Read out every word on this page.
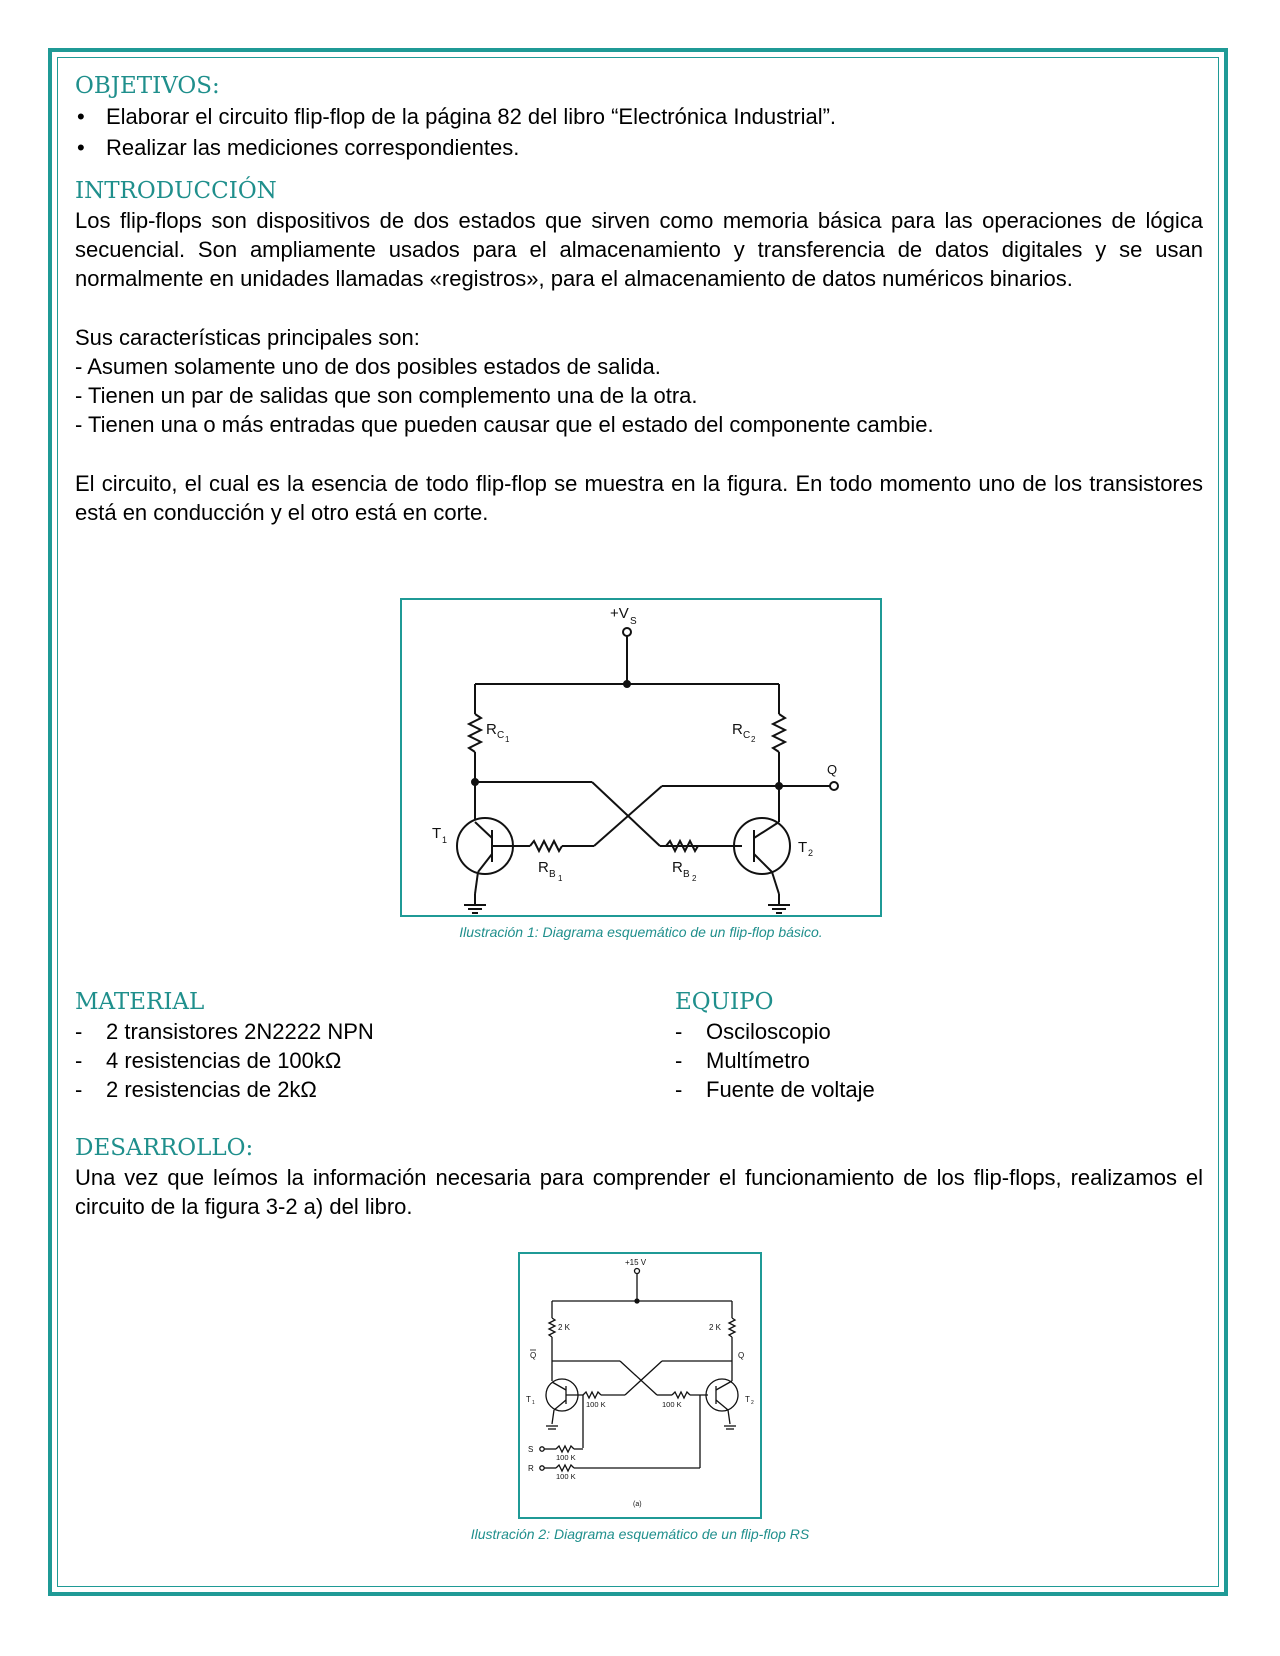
OBJETIVOS:
• Elaborar el circuito flip-flop de la página 82 del libro “Electrónica Industrial”.
• Realizar las mediciones correspondientes.
INTRODUCCIÓN

Los flip-flops son dispositivos de dos estados que sirven como memoria básica para las operaciones de lógica secuencial. Son ampliamente usados para el almacenamiento y transferencia de datos digitales y se usan normalmente en unidades llamadas «registros», para el almacenamiento de datos numéricos binarios.

Sus características principales son:

- Asumen solamente uno de dos posibles estados de salida.

- Tienen un par de salidas que son complemento una de la otra.

- Tienen una o más entradas que pueden causar que el estado del componente cambie.

El circuito, el cual es la esencia de todo flip-flop se muestra en la figura. En todo momento uno de los transistores está en conducción y el otro está en corte.

+V S
R C 1
R C 2
Q
T 1
R B 1
T 2
R B 2
Ilustración 1: Diagrama esquemático de un flip-flop básico.
MATERIAL
- 2 transistores 2N2222 NPN
- 4 resistencias de 100kΩ
- 2 resistencias de 2kΩ
EQUIPO
- Osciloscopio
- Multímetro
- Fuente de voltaje
DESARROLLO:

Una vez que leímos la información necesaria para comprender el funcionamiento de los flip-flops, realizamos el circuito de la figura 3-2 a) del libro.

+15 V
2 K	2 K
Q	Q
100 K
T 1	100 K
T 2
S
100 K
R
100 K
(a)
Ilustración 2: Diagrama esquemático de un flip-flop RS
